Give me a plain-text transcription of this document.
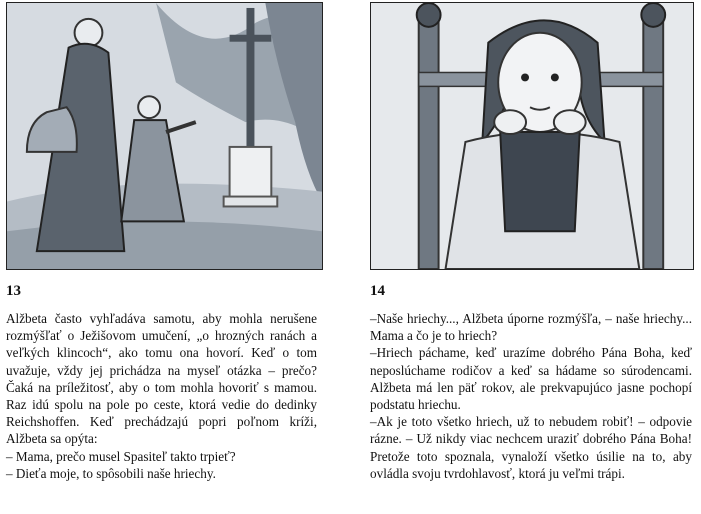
13

Alžbeta často vyhľadáva samotu, aby mohla nerušene rozmýšľať o Ježišovom umučení, „o hrozných ranách a veľkých klincoch“, ako tomu ona hovorí. Keď o tom uvažuje, vždy jej prichádza na myseľ otázka – prečo? Čaká na príležitosť, aby o tom mohla hovoriť s mamou. Raz idú spolu na pole po ceste, ktorá vedie do dedinky Reichshoffen. Keď prechádzajú popri poľnom kríži, Alžbeta sa opýta:

– Mama, prečo musel Spasiteľ takto trpieť?

– Dieťa moje, to spôsobili naše hriechy.

14

–Naše hriechy..., Alžbeta úporne rozmýšľa, – naše hriechy... Mama a čo je to hriech?

–Hriech páchame, keď urazíme dobrého Pána Boha, keď neposlúchame rodičov a keď sa hádame so súrodencami. Alžbeta má len päť rokov, ale prekvapujúco jasne pochopí podstatu hriechu.

–Ak je toto všetko hriech, už to nebudem robiť! – odpovie rázne. – Už nikdy viac nechcem uraziť dobrého Pána Boha! Pretože toto spoznala, vynaloží všetko úsilie na to, aby ovládla svoju tvrdohlavosť, ktorá ju veľmi trápi.
